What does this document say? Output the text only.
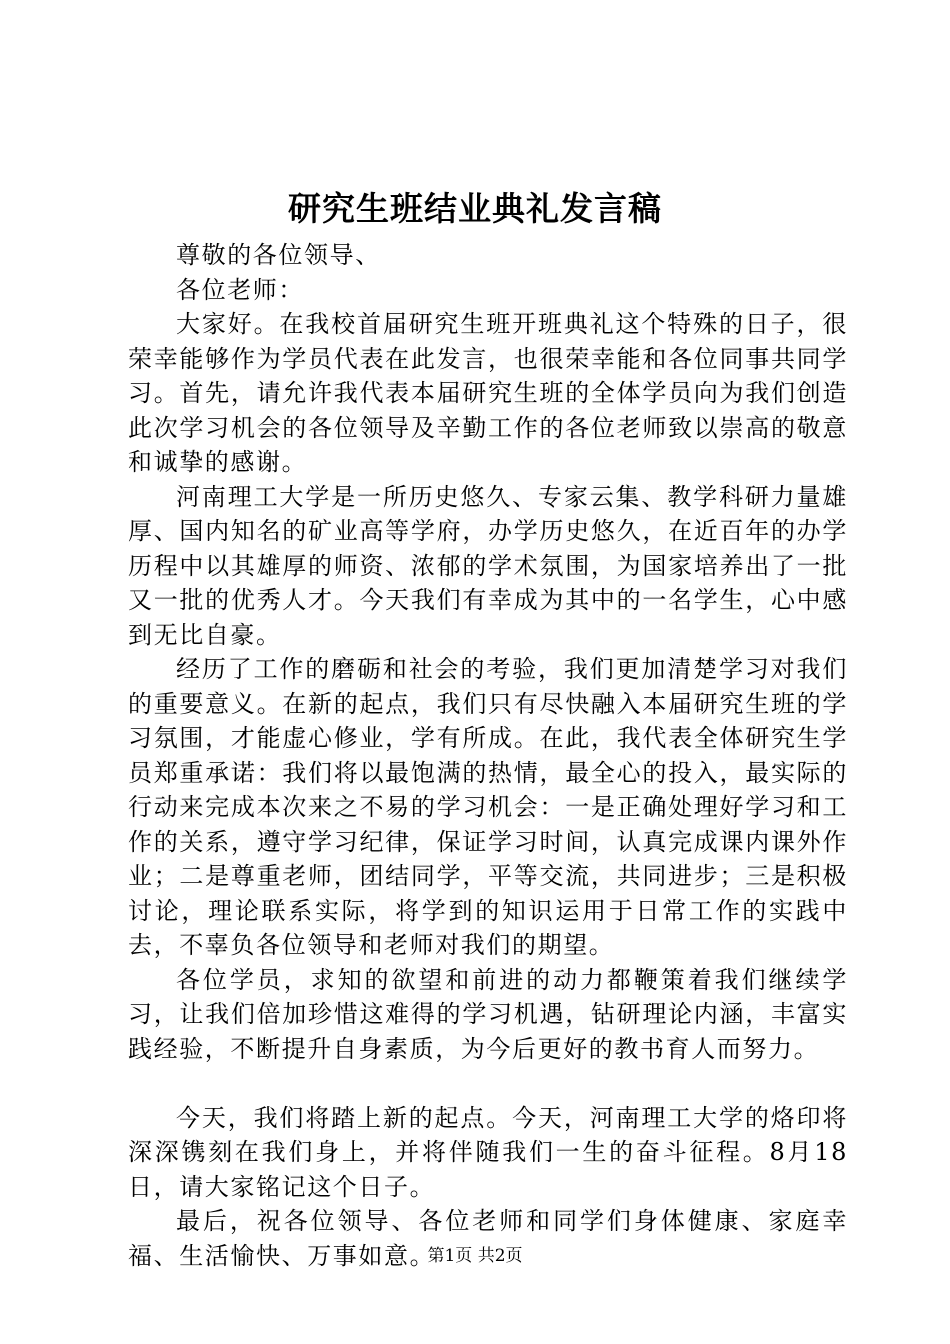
研究生班结业典礼发言稿

尊敬的各位领导、

各位老师：

大家好。在我校首届研究生班开班典礼这个特殊的日子，很荣幸能够作为学员代表在此发言，也很荣幸能和各位同事共同学习。首先，请允许我代表本届研究生班的全体学员向为我们创造此次学习机会的各位领导及辛勤工作的各位老师致以崇高的敬意和诚挚的感谢。

河南理工大学是一所历史悠久、专家云集、教学科研力量雄厚、国内知名的矿业高等学府，办学历史悠久，在近百年的办学历程中以其雄厚的师资、浓郁的学术氛围，为国家培养出了一批又一批的优秀人才。今天我们有幸成为其中的一名学生，心中感到无比自豪。

经历了工作的磨砺和社会的考验，我们更加清楚学习对我们的重要意义。在新的起点，我们只有尽快融入本届研究生班的学习氛围，才能虚心修业，学有所成。在此，我代表全体研究生学员郑重承诺：我们将以最饱满的热情，最全心的投入，最实际的行动来完成本次来之不易的学习机会：一是正确处理好学习和工作的关系，遵守学习纪律，保证学习时间，认真完成课内课外作业；二是尊重老师，团结同学，平等交流，共同进步；三是积极讨论，理论联系实际，将学到的知识运用于日常工作的实践中去，不辜负各位领导和老师对我们的期望。

各位学员，求知的欲望和前进的动力都鞭策着我们继续学习，让我们倍加珍惜这难得的学习机遇，钻研理论内涵，丰富实践经验，不断提升自身素质，为今后更好的教书育人而努力。

今天，我们将踏上新的起点。今天，河南理工大学的烙印将深深镌刻在我们身上，并将伴随我们一生的奋斗征程。8月18日，请大家铭记这个日子。

最后，祝各位领导、各位老师和同学们身体健康、家庭幸福、生活愉快、万事如意。

第1页 共2页
